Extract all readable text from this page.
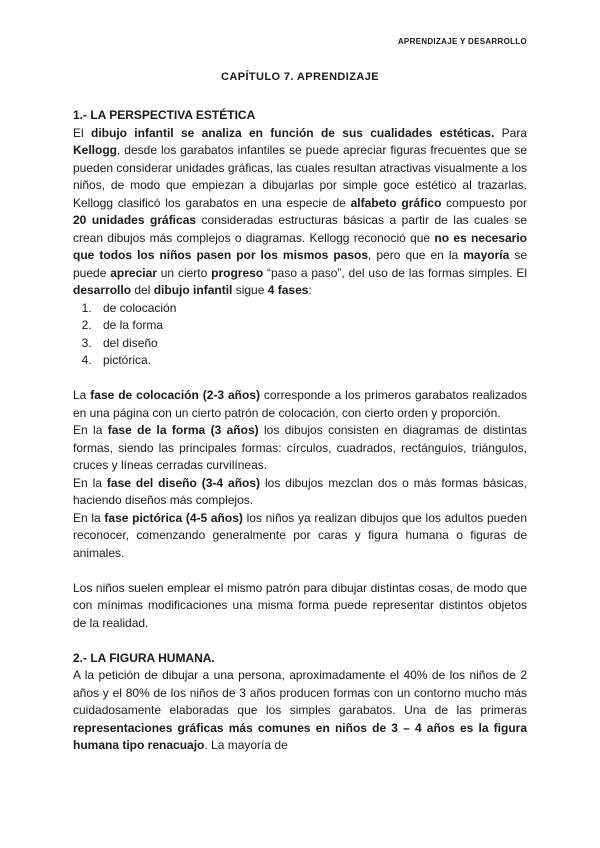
APRENDIZAJE Y DESARROLLO
CAPÍTULO 7. APRENDIZAJE

1.- LA PERSPECTIVA ESTÉTICA

El dibujo infantil se analiza en función de sus cualidades estéticas. Para Kellogg, desde los garabatos infantiles se puede apreciar figuras frecuentes que se pueden considerar unidades gráficas, las cuales resultan atractivas visualmente a los niños, de modo que empiezan a dibujarlas por simple goce estético al trazarlas. Kellogg clasificó los garabatos en una especie de alfabeto gráfico compuesto por 20 unidades gráficas consideradas estructuras básicas a partir de las cuales se crean dibujos más complejos o diagramas. Kellogg reconoció que no es necesario que todos los niños pasen por los mismos pasos, pero que en la mayoría se puede apreciar un cierto progreso “paso a paso”, del uso de las formas simples. El desarrollo del dibujo infantil sigue 4 fases:

1. de colocación
2. de la forma
3. del diseño
4. pictórica.

La fase de colocación (2-3 años) corresponde a los primeros garabatos realizados en una página con un cierto patrón de colocación, con cierto orden y proporción.

En la fase de la forma (3 años) los dibujos consisten en diagramas de distintas formas, siendo las principales formas: círculos, cuadrados, rectángulos, triángulos, cruces y líneas cerradas curvilíneas.

En la fase del diseño (3-4 años) los dibujos mezclan dos o más formas básicas, haciendo diseños más complejos.

En la fase pictórica (4-5 años) los niños ya realizan dibujos que los adultos pueden reconocer, comenzando generalmente por caras y figura humana o figuras de animales.

Los niños suelen emplear el mismo patrón para dibujar distintas cosas, de modo que con mínimas modificaciones una misma forma puede representar distintos objetos de la realidad.

2.- LA FIGURA HUMANA.

A la petición de dibujar a una persona, aproximadamente el 40% de los niños de 2 años y el 80% de los niños de 3 años producen formas con un contorno mucho más cuidadosamente elaboradas que los simples garabatos. Una de las primeras representaciones gráficas más comunes en niños de 3 – 4 años es la figura humana tipo renacuajo. La mayoría de
